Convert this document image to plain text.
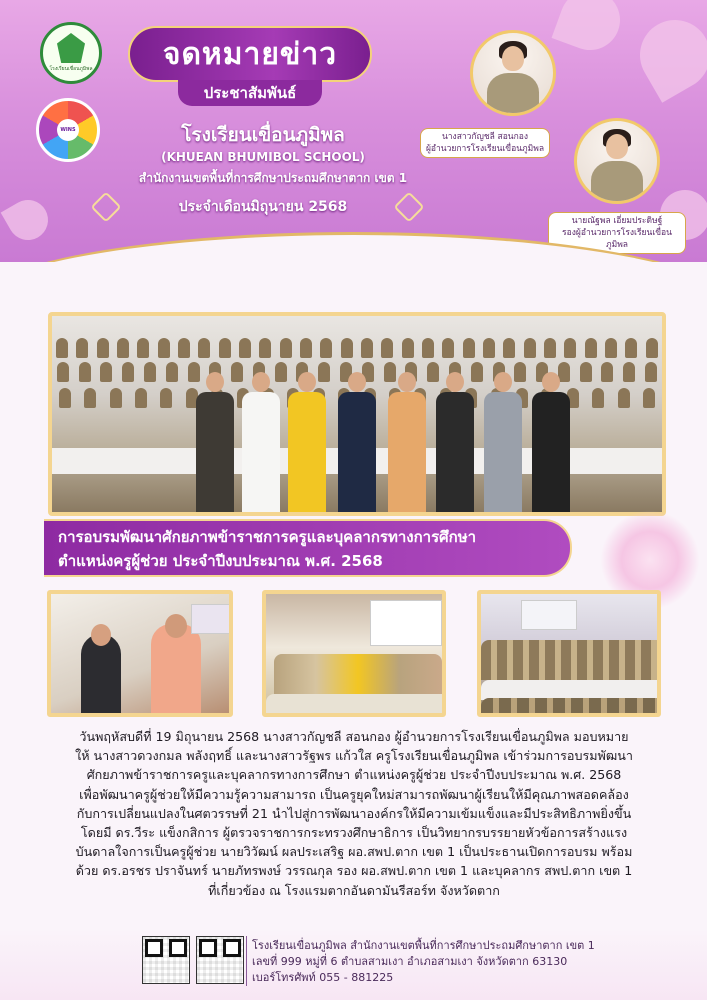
โรงเรียนเขื่อนภูมิพล จดหมายข่าว
ประชาสัมพันธ์
WINS	โรงเรียนเขื่อนภูมิพล
(KHUEAN BHUMIBOL SCHOOL)
สำนักงานเขตพื้นที่การศึกษาประถมศึกษาตาก เขต 1
ประจำเดือนมิถุนายน 2568
นางสาวกัญชลี สอนกอง
ผู้อำนวยการโรงเรียนเขื่อนภูมิพล
นายณัฐพล เอี่ยมประดิษฐ์
รองผู้อำนวยการโรงเรียนเขื่อนภูมิพล
การอบรมพัฒนาศักยภาพข้าราชการครูและบุคลากรทางการศึกษา
ตำแหน่งครูผู้ช่วย ประจำปีงบประมาณ พ.ศ. 2568

วันพฤหัสบดีที่ 19 มิถุนายน 2568 นางสาวกัญชลี สอนกอง ผู้อำนวยการโรงเรียนเขื่อนภูมิพล มอบหมาย

ให้ นางสาวดวงกมล พลังฤทธิ์ และนางสาวรัฐพร แก้วใส ครูโรงเรียนเขื่อนภูมิพล เข้าร่วมการอบรมพัฒนา

ศักยภาพข้าราชการครูและบุคลากรทางการศึกษา ตำแหน่งครูผู้ช่วย ประจำปีงบประมาณ พ.ศ. 2568

เพื่อพัฒนาครูผู้ช่วยให้มีความรู้ความสามารถ เป็นครูยุคใหม่สามารถพัฒนาผู้เรียนให้มีคุณภาพสอดคล้อง

กับการเปลี่ยนแปลงในศตวรรษที่ 21 นำไปสู่การพัฒนาองค์กรให้มีความเข้มแข็งและมีประสิทธิภาพยิ่งขึ้น

โดยมี ดร.วีระ แข็งกสิการ ผู้ตรวจราชการกระทรวงศึกษาธิการ เป็นวิทยากรบรรยายหัวข้อการสร้างแรง

บันดาลใจการเป็นครูผู้ช่วย นายวิวัฒน์ ผลประเสริฐ ผอ.สพป.ตาก เขต 1 เป็นประธานเปิดการอบรม พร้อม

ด้วย ดร.อรชร ปราจันทร์ นายภัทรพงษ์ วรรณกุล รอง ผอ.สพป.ตาก เขต 1 และบุคลากร สพป.ตาก เขต 1

ที่เกี่ยวข้อง ณ โรงแรมตากอันดามันรีสอร์ท จังหวัดตาก

โรงเรียนเขื่อนภูมิพล สำนักงานเขตพื้นที่การศึกษาประถมศึกษาตาก เขต 1
เลขที่ 999 หมู่ที่ 6 ตำบลสามเงา อำเภอสามเงา จังหวัดตาก 63130
เบอร์โทรศัพท์ 055 - 881225
